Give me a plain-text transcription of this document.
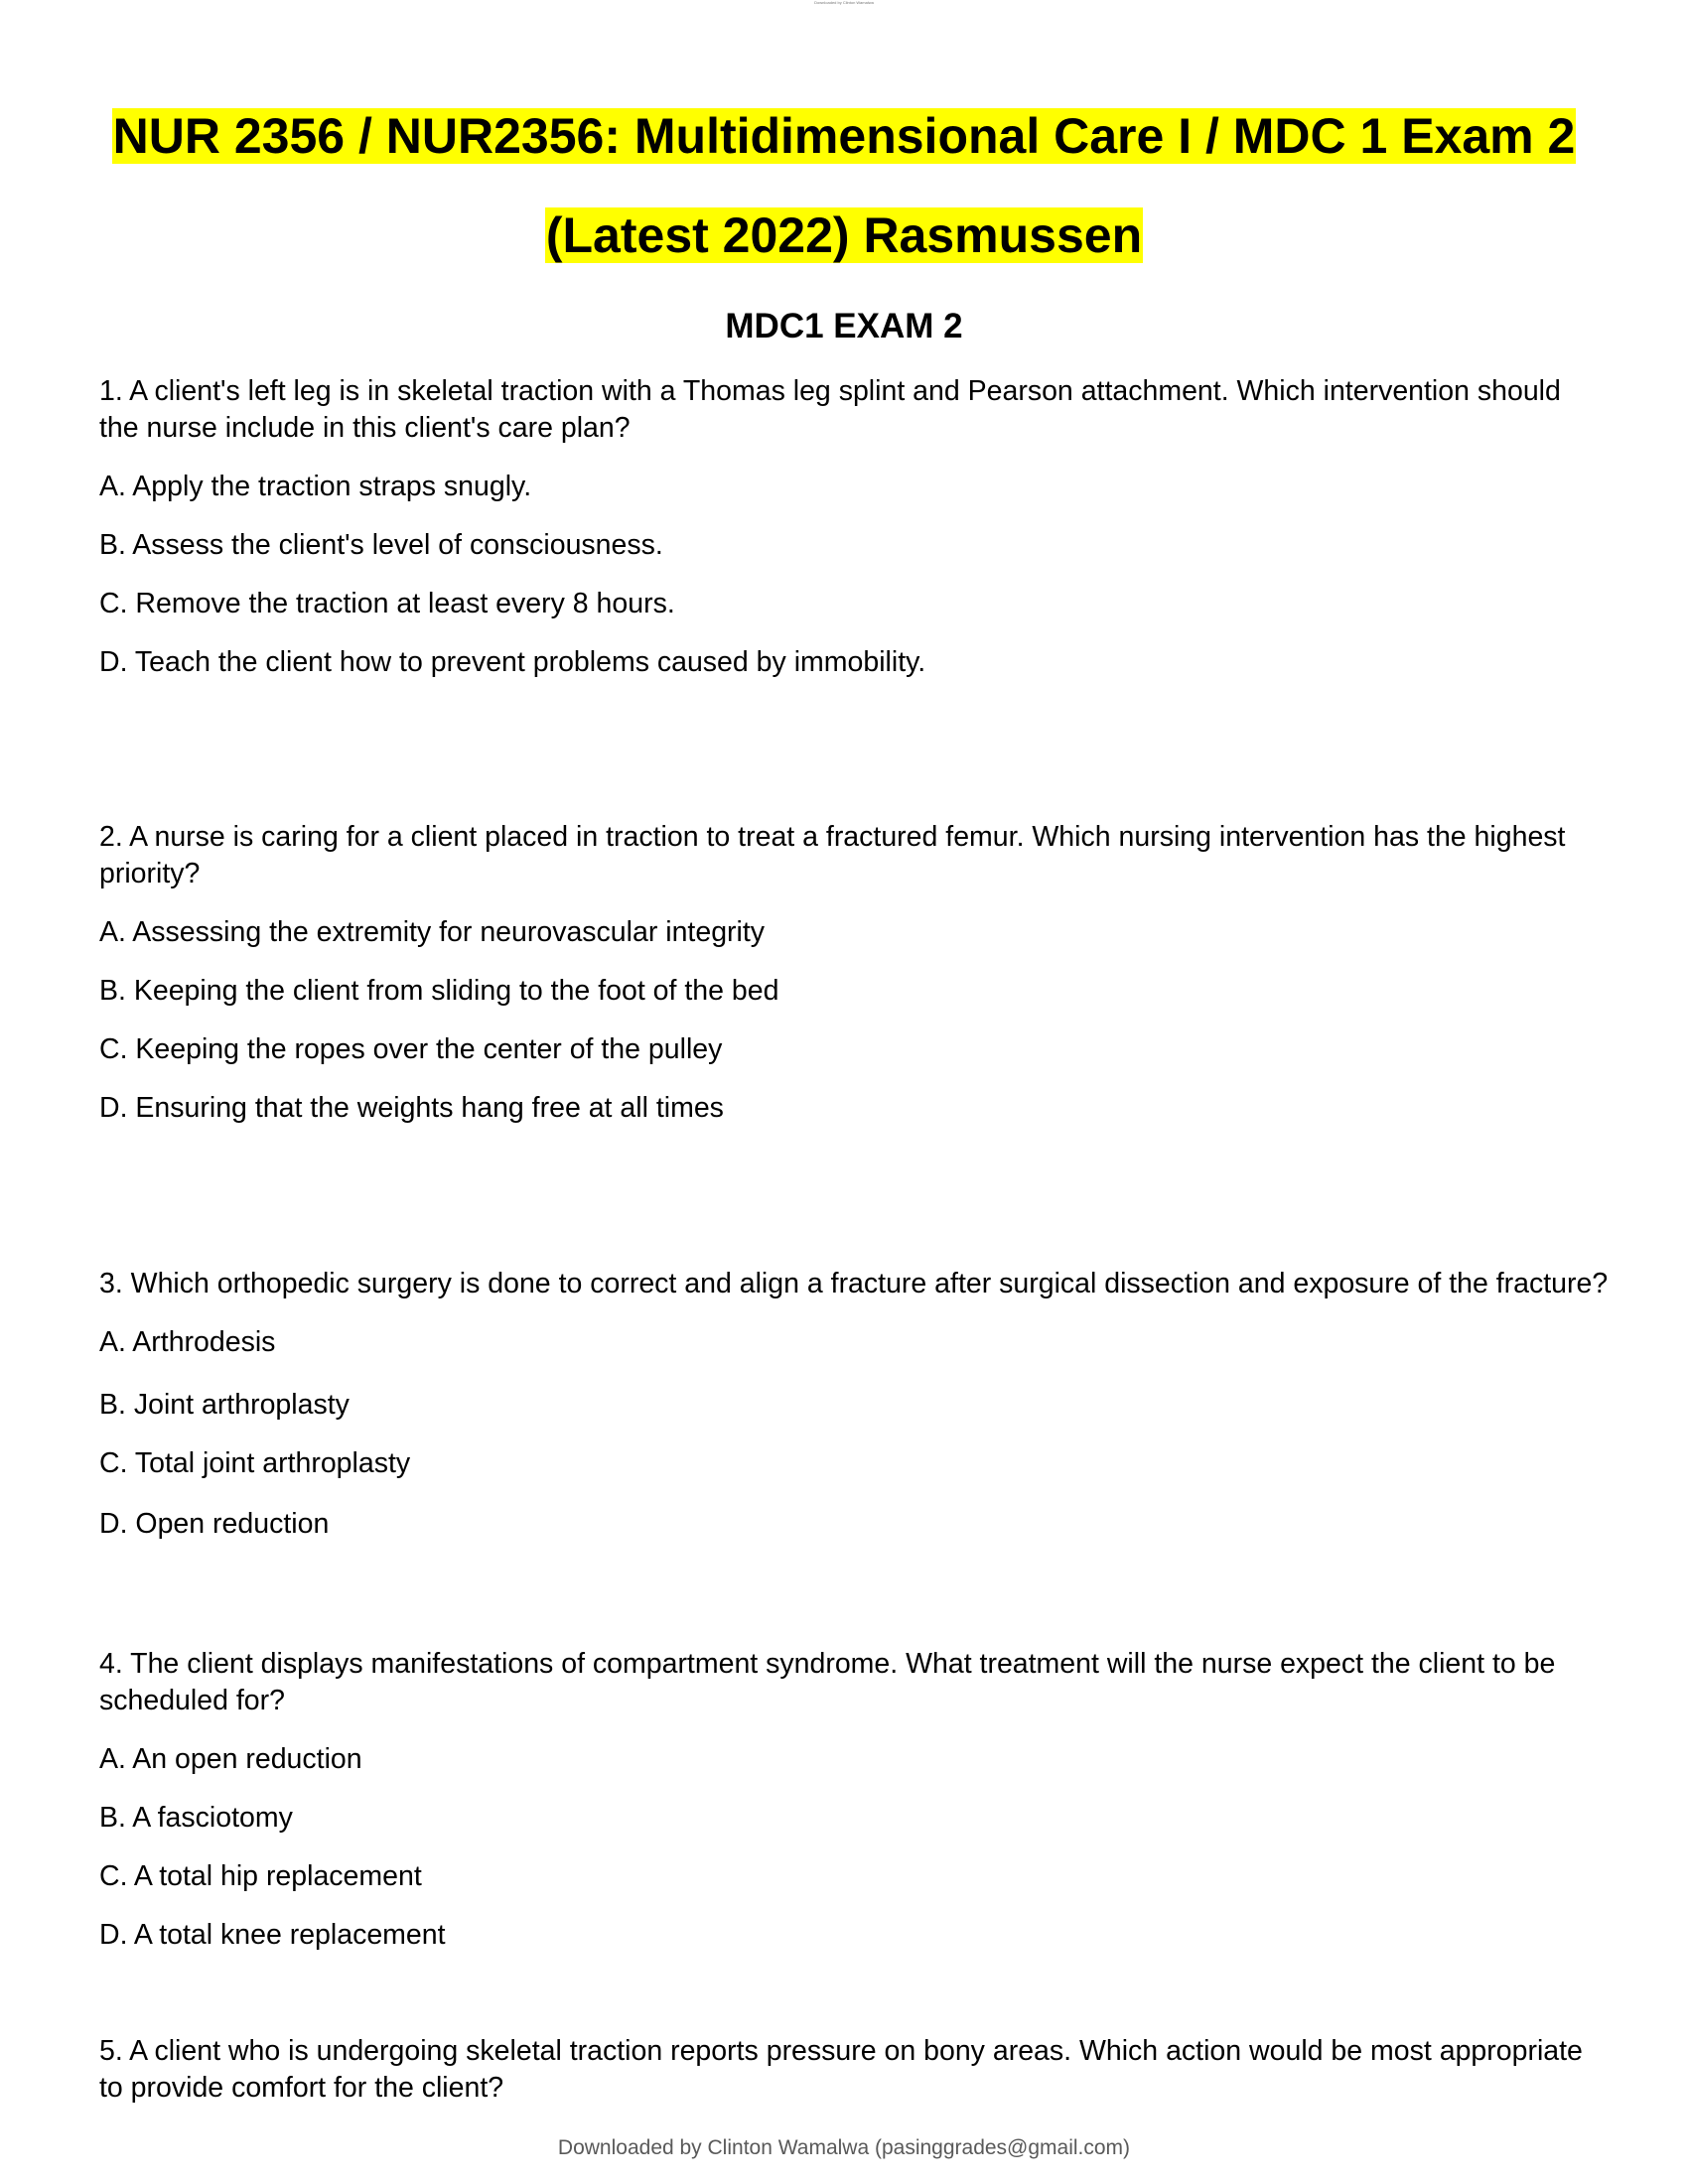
Downloaded by Clinton Wamalwa
NUR 2356 / NUR2356: Multidimensional Care I / MDC 1 Exam 2
(Latest 2022) Rasmussen
MDC1 EXAM 2

1. A client's left leg is in skeletal traction with a Thomas leg splint and Pearson attachment. Which intervention should the nurse include in this client's care plan?

A. Apply the traction straps snugly.

B. Assess the client's level of consciousness.

C. Remove the traction at least every 8 hours.

D. Teach the client how to prevent problems caused by immobility.

2. A nurse is caring for a client placed in traction to treat a fractured femur. Which nursing intervention has the highest priority?

A. Assessing the extremity for neurovascular integrity

B. Keeping the client from sliding to the foot of the bed

C. Keeping the ropes over the center of the pulley

D. Ensuring that the weights hang free at all times

3. Which orthopedic surgery is done to correct and align a fracture after surgical dissection and exposure of the fracture?

A. Arthrodesis

B. Joint arthroplasty

C. Total joint arthroplasty

D. Open reduction

4. The client displays manifestations of compartment syndrome. What treatment will the nurse expect the client to be scheduled for?

A. An open reduction

B. A fasciotomy

C. A total hip replacement

D. A total knee replacement

5. A client who is undergoing skeletal traction reports pressure on bony areas. Which action would be most appropriate to provide comfort for the client?

Downloaded by Clinton Wamalwa (pasinggrades@gmail.com)
